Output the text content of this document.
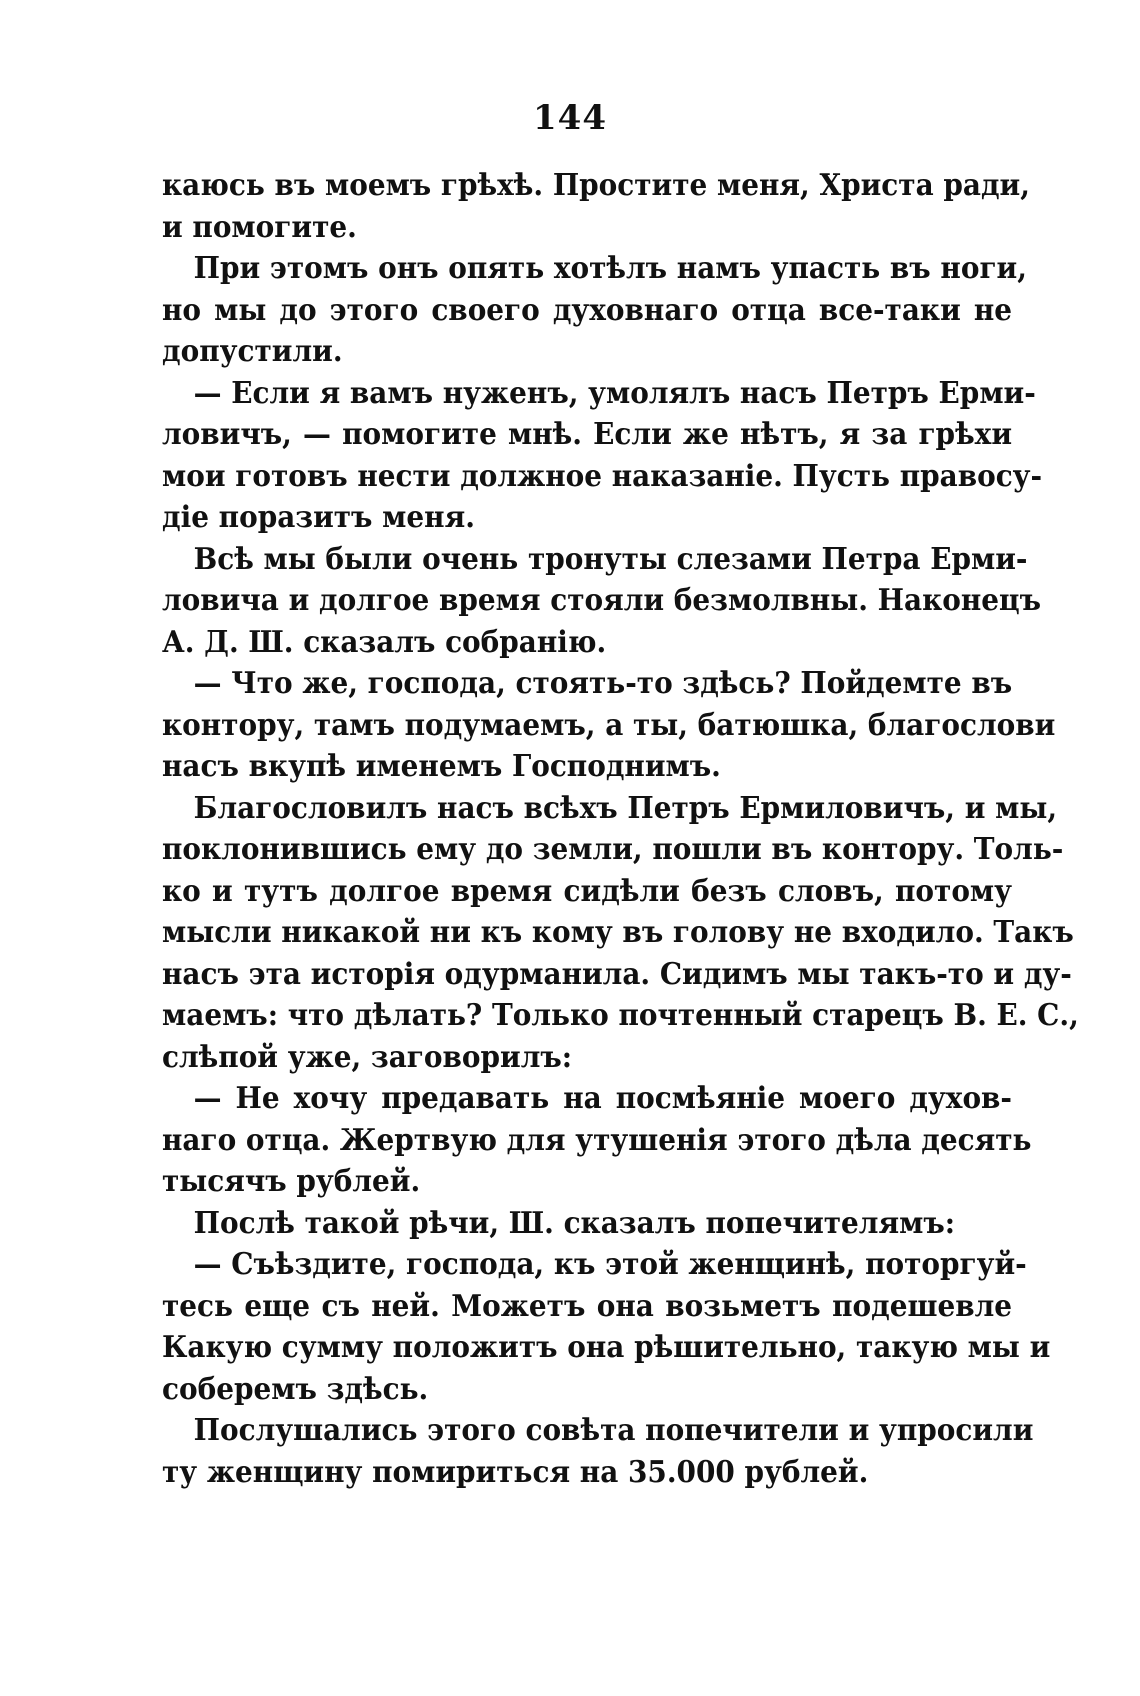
144
каюсь въ моемъ грѣхѣ. Простите меня, Христа ради,
и помогите.
При этомъ онъ опять хотѣлъ намъ упасть въ ноги,
но мы до этого своего духовнаго отца все-таки не
допустили.
— Если я вамъ нуженъ, умолялъ насъ Петръ Ерми-
ловичъ, — помогите мнѣ. Если же нѣтъ, я за грѣхи
мои готовъ нести должное наказаніе. Пусть правосу-
діе поразитъ меня.
Всѣ мы были очень тронуты слезами Петра Ерми-
ловича и долгое время стояли безмолвны. Наконецъ
А. Д. Ш. сказалъ собранію.
— Что же, господа, стоять-то здѣсь? Пойдемте въ
контору, тамъ подумаемъ, а ты, батюшка, благослови
насъ вкупѣ именемъ Господнимъ.
Благословилъ насъ всѣхъ Петръ Ермиловичъ, и мы,
поклонившись ему до земли, пошли въ контору. Толь-
ко и тутъ долгое время сидѣли безъ словъ, потому
мысли никакой ни къ кому въ голову не входило. Такъ
насъ эта исторія одурманила. Сидимъ мы такъ-то и ду-
маемъ: что дѣлать? Только почтенный старецъ В. Е. С.,
слѣпой уже, заговорилъ:
— Не хочу предавать на посмѣяніе моего духов-
наго отца. Жертвую для утушенія этого дѣла десять
тысячъ рублей.
Послѣ такой рѣчи, Ш. сказалъ попечителямъ:
— Съѣздите, господа, къ этой женщинѣ, поторгуй-
тесь еще съ ней. Можетъ она возьметъ подешевле
Какую сумму положитъ она рѣшительно, такую мы и
соберемъ здѣсь.
Послушались этого совѣта попечители и упросили
ту женщину помириться на 35.000 рублей.
